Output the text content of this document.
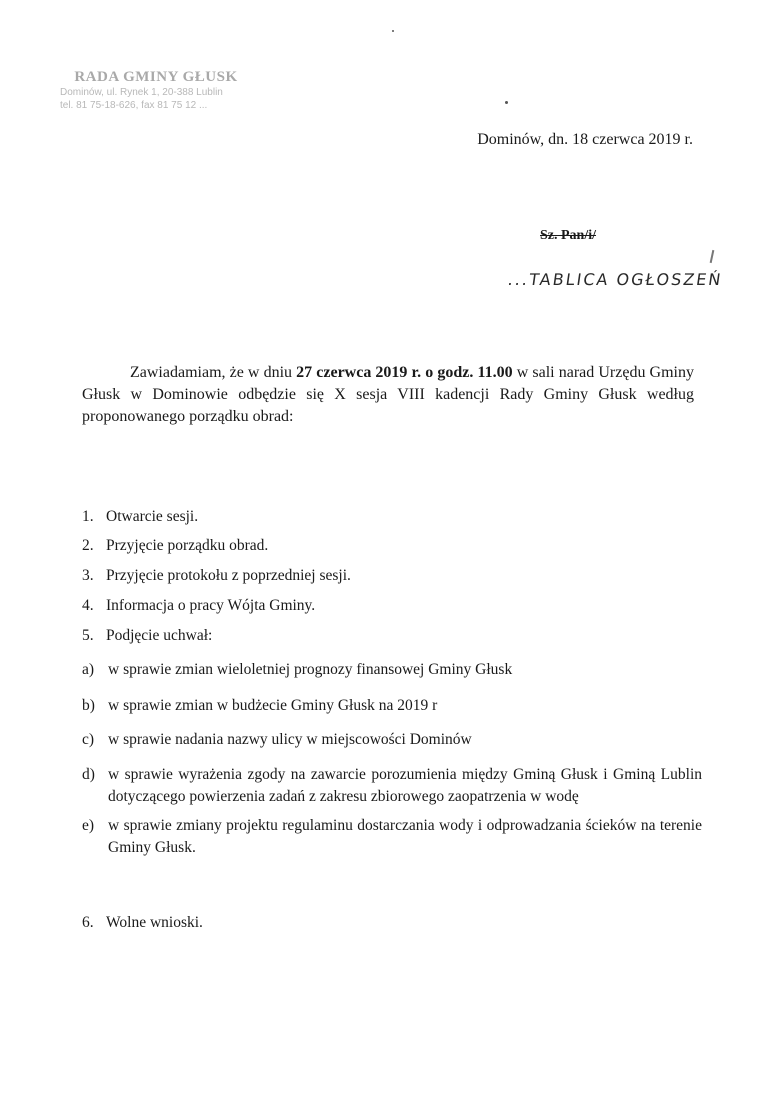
RADA GMINY GŁUSK
Dominów, ul. Rynek 1, 20-388 Lublin
tel. 81 75-18-626, fax 81 75 12 ...
Dominów, dn. 18 czerwca 2019 r.
Sz. Pan/i/
...TABLICA OGŁOSZEŃ
Zawiadamiam, że w dniu 27 czerwca 2019 r. o godz. 11.00 w sali narad Urzędu Gminy Głusk w Dominowie odbędzie się X sesja VIII kadencji Rady Gminy Głusk według proponowanego porządku obrad:
1. Otwarcie sesji.
2. Przyjęcie porządku obrad.
3. Przyjęcie protokołu z poprzedniej sesji.
4. Informacja o pracy Wójta Gminy.
5. Podjęcie uchwał:
a) w sprawie zmian wieloletniej prognozy finansowej Gminy Głusk
b) w sprawie zmian w budżecie Gminy Głusk na 2019 r
c) w sprawie nadania nazwy ulicy w miejscowości Dominów
d) w sprawie wyrażenia zgody na zawarcie porozumienia między Gminą Głusk i Gminą Lublin dotyczącego powierzenia zadań z zakresu zbiorowego zaopatrzenia w wodę
e) w sprawie zmiany projektu regulaminu dostarczania wody i odprowadzania ścieków na terenie Gminy Głusk.
6. Wolne wnioski.
